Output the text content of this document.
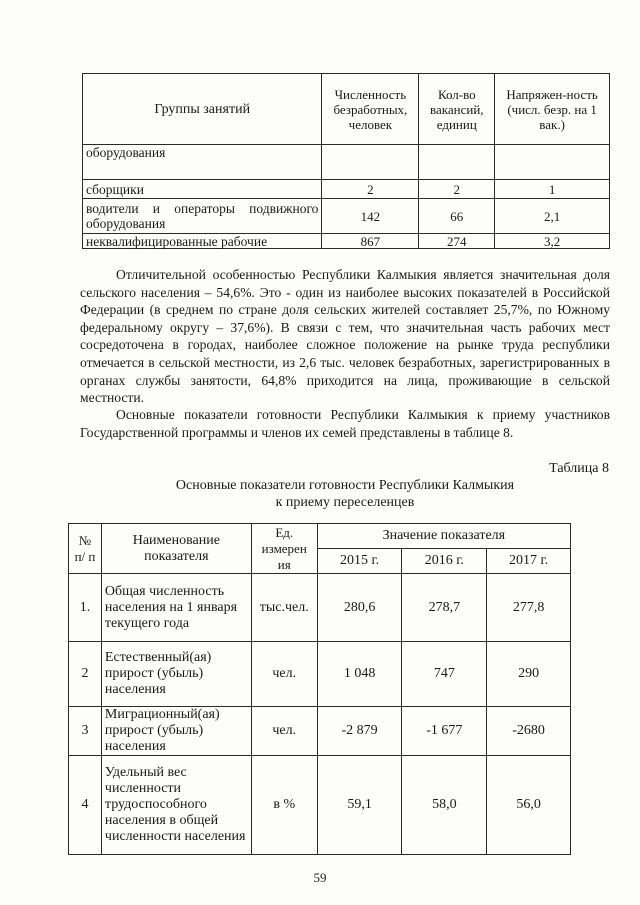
Группы занятий	Численность безработных, человек	Кол-во вакансий, единиц	Напряжен-ность (числ. безр. на 1 вак.)
оборудования			
сборщики	2	2	1
водители и операторы подвижного оборудования	142	66	2,1
неквалифицированные рабочие	867	274	3,2

Отличительной особенностью Республики Калмыкия является значительная доля сельского населения – 54,6%. Это - один из наиболее высоких показателей в Российской Федерации (в среднем по стране доля сельских жителей составляет 25,7%, по Южному федеральному округу – 37,6%). В связи с тем, что значительная часть рабочих мест сосредоточена в городах, наиболее сложное положение на рынке труда республики отмечается в сельской местности, из 2,6 тыс. человек безработных, зарегистрированных в органах службы занятости, 64,8% приходится на лица, проживающие в сельской местности.

Основные показатели готовности Республики Калмыкия к приему участников Государственной программы и членов их семей представлены в таблице 8.

Таблица 8

Основные показатели готовности Республики Калмыкия
к приему переселенцев
№ п/ п	Наименование показателя	Ед. измерен ия	Значение показателя		
			2015 г.	2016 г.	2017 г.
1.	Общая численность населения на 1 января текущего года	тыс.чел.	280,6	278,7	277,8
2	Естественный(ая) прирост (убыль) населения	чел.	1 048	747	290
3	Миграционный(ая) прирост (убыль) населения	чел.	-2 879	-1 677	-2680
4	Удельный вес численности трудоспособного населения в общей численности населения	в %	59,1	58,0	56,0

59
